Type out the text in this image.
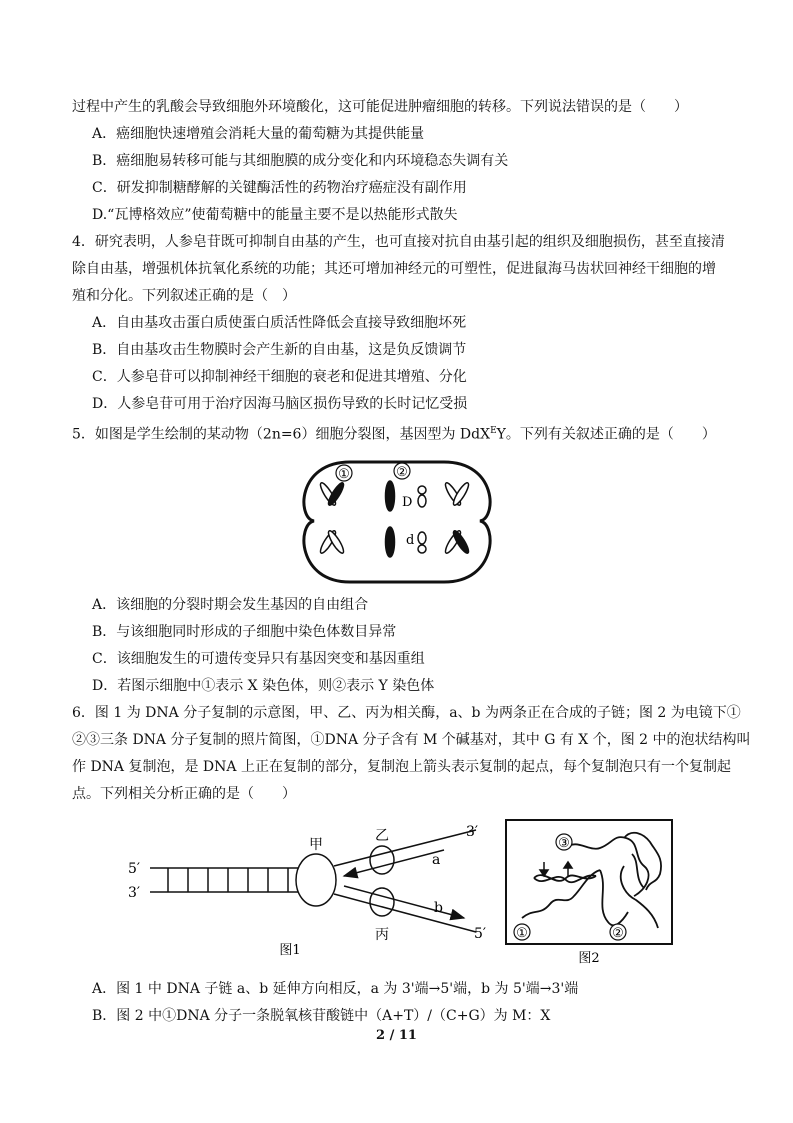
过程中产生的乳酸会导致细胞外环境酸化，这可能促进肿瘤细胞的转移。下列说法错误的是（　　）
A．癌细胞快速增殖会消耗大量的葡萄糖为其提供能量
B．癌细胞易转移可能与其细胞膜的成分变化和内环境稳态失调有关
C．研发抑制糖酵解的关键酶活性的药物治疗癌症没有副作用
D.“瓦博格效应”使葡萄糖中的能量主要不是以热能形式散失
4．研究表明，人参皂苷既可抑制自由基的产生，也可直接对抗自由基引起的组织及细胞损伤，甚至直接清
除自由基，增强机体抗氧化系统的功能；其还可增加神经元的可塑性，促进鼠海马齿状回神经干细胞的增
殖和分化。下列叙述正确的是（　）
A．自由基攻击蛋白质使蛋白质活性降低会直接导致细胞坏死
B．自由基攻击生物膜时会产生新的自由基，这是负反馈调节
C．人参皂苷可以抑制神经干细胞的衰老和促进其增殖、分化
D．人参皂苷可用于治疗因海马脑区损伤导致的长时记忆受损
5．如图是学生绘制的某动物（2n=6）细胞分裂图，基因型为 DdX$^E$Y。下列有关叙述正确的是（　　）
①	②
D
d
A．该细胞的分裂时期会发生基因的自由组合
B．与该细胞同时形成的子细胞中染色体数目异常
C．该细胞发生的可遗传变异只有基因突变和基因重组
D．若图示细胞中①表示 X 染色体，则②表示 Y 染色体
6．图 1 为 DNA 分子复制的示意图，甲、乙、丙为相关酶，a、b 为两条正在合成的子链；图 2 为电镜下①
②③三条 DNA 分子复制的照片简图，①DNA 分子含有 M 个碱基对，其中 G 有 X 个，图 2 中的泡状结构叫
作 DNA 复制泡，是 DNA 上正在复制的部分，复制泡上箭头表示复制的起点，每个复制泡只有一个复制起
点。下列相关分析正确的是（　　）
5′
3′
甲
乙
a
3′
丙
b
5′
图1
③
①	②
图2
A．图 1 中 DNA 子链 a、b 延伸方向相反，a 为 3'端→5'端，b 为 5'端→3'端
B．图 2 中①DNA 分子一条脱氧核苷酸链中（A+T）/（C+G）为 M：X
2 / 11
